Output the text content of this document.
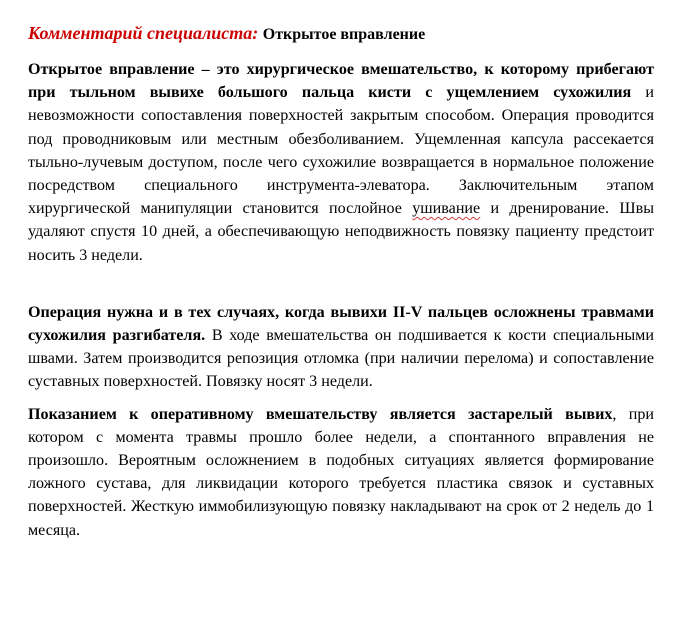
Комментарий специалиста: Открытое вправление

Открытое вправление – это хирургическое вмешательство, к которому прибегают при тыльном вывихе большого пальца кисти с ущемлением сухожилия и невозможности сопоставления поверхностей закрытым способом. Операция проводится под проводниковым или местным обезболиванием. Ущемленная капсула рассекается тыльно-лучевым доступом, после чего сухожилие возвращается в нормальное положение посредством специального инструмента-элеватора. Заключительным этапом хирургической манипуляции становится послойное ушивание и дренирование. Швы удаляют спустя 10 дней, а обеспечивающую неподвижность повязку пациенту предстоит носить 3 недели.

Операция нужна и в тех случаях, когда вывихи II-V пальцев осложнены травмами сухожилия разгибателя. В ходе вмешательства он подшивается к кости специальными швами. Затем производится репозиция отломка (при наличии перелома) и сопоставление суставных поверхностей. Повязку носят 3 недели.

Показанием к оперативному вмешательству является застарелый вывих, при котором с момента травмы прошло более недели, а спонтанного вправления не произошло. Вероятным осложнением в подобных ситуациях является формирование ложного сустава, для ликвидации которого требуется пластика связок и суставных поверхностей. Жесткую иммобилизующую повязку накладывают на срок от 2 недель до 1 месяца.
